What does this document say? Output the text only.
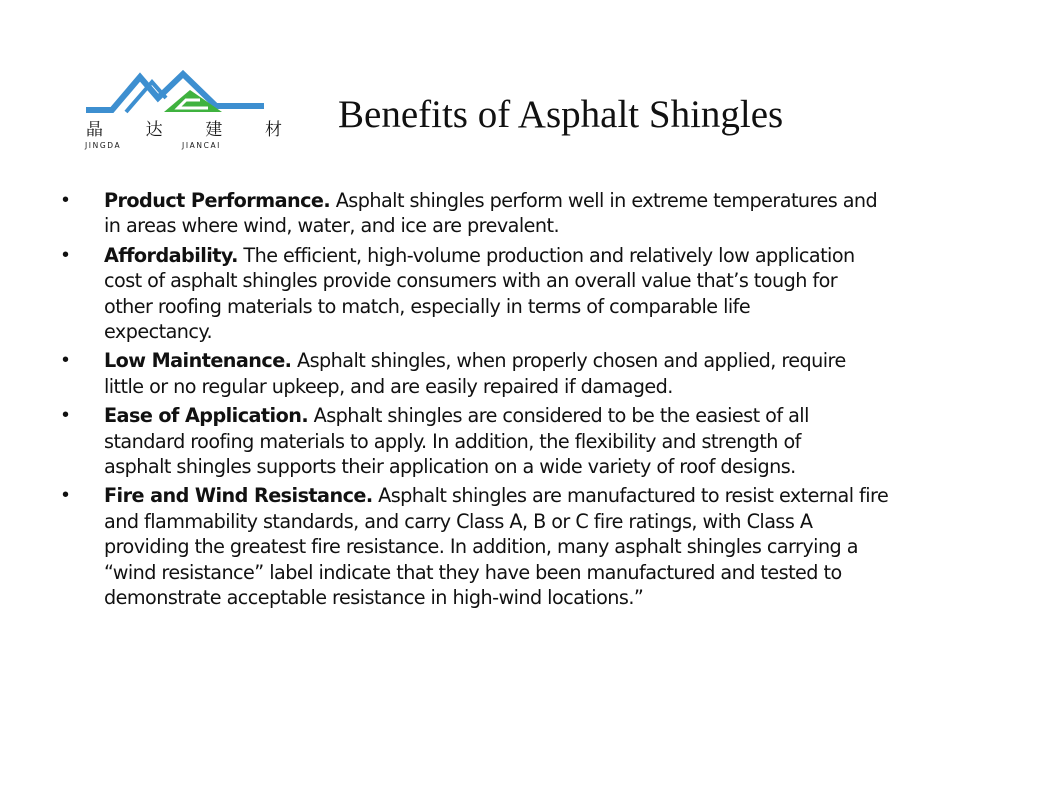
晶	达	建	材
JINGDA	JIANCAI
Benefits of Asphalt Shingles
• Product Performance. Asphalt shingles perform well in extreme temperatures and
in areas where wind, water, and ice are prevalent.
• Affordability. The efficient, high-volume production and relatively low application
cost of asphalt shingles provide consumers with an overall value that’s tough for
other roofing materials to match, especially in terms of comparable life
expectancy.
• Low Maintenance. Asphalt shingles, when properly chosen and applied, require
little or no regular upkeep, and are easily repaired if damaged.
• Ease of Application. Asphalt shingles are considered to be the easiest of all
standard roofing materials to apply. In addition, the flexibility and strength of
asphalt shingles supports their application on a wide variety of roof designs.
• Fire and Wind Resistance. Asphalt shingles are manufactured to resist external fire
and flammability standards, and carry Class A, B or C fire ratings, with Class A
providing the greatest fire resistance. In addition, many asphalt shingles carrying a
“wind resistance” label indicate that they have been manufactured and tested to
demonstrate acceptable resistance in high-wind locations.”
